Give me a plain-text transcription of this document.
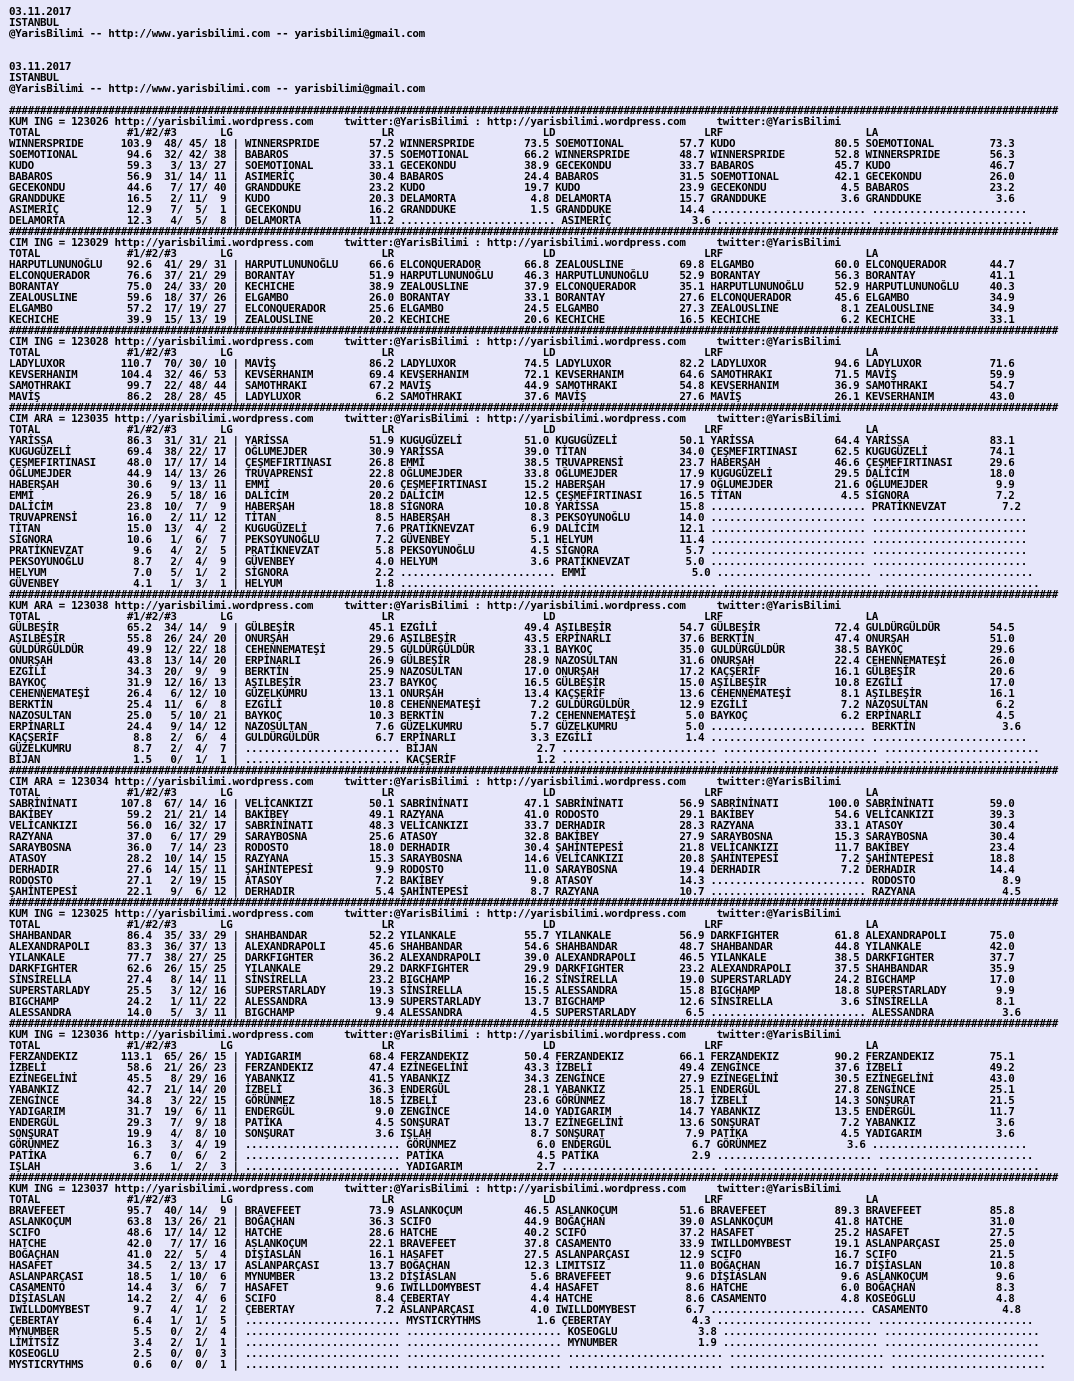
03.11.2017
ISTANBUL
@YarisBilimi -- http://www.yarisbilimi.com -- yarisbilimi@gmail.com

03.11.2017
ISTANBUL
@YarisBilimi -- http://www.yarisbilimi.com -- yarisbilimi@gmail.com

#########################################################################################################################################################################
KUM ING = 123026 http://yarisbilimi.wordpress.com     twitter:@YarisBilimi : http://yarisbilimi.wordpress.com     twitter:@YarisBilimi
TOTAL              #1/#2/#3       LG                        LR                        LD                        LRF                       LA
WINNERSPRIDE      103.9  48/ 45/ 18 | WINNERSPRIDE        57.2 WINNERSPRIDE        73.5 SOEMOTIONAL         57.7 KUDO                80.5 SOEMOTIONAL         73.3
SOEMOTIONAL        94.6  32/ 42/ 38 | BABAROS             37.5 SOEMOTIONAL         66.2 WINNERSPRIDE        48.7 WINNERSPRIDE        52.8 WINNERSPRIDE        56.3
KUDO               59.3   3/ 13/ 27 | SOEMOTIONAL         33.1 GECEKONDU           38.9 GECEKONDU           33.7 BABAROS             45.7 KUDO                46.7
BABAROS            56.9  31/ 14/ 11 | ASIMERİÇ            30.4 BABAROS             24.4 BABAROS             31.5 SOEMOTIONAL         42.1 GECEKONDU           26.0
GECEKONDU          44.6   7/ 17/ 40 | GRANDDUKE           23.2 KUDO                19.7 KUDO                23.9 GECEKONDU            4.5 BABAROS             23.2
GRANDDUKE          16.5   2/ 11/  9 | KUDO                20.3 DELAMORTA            4.8 DELAMORTA           15.7 GRANDDUKE            3.6 GRANDDUKE            3.6
ASIMERİÇ           12.9   7/  5/  1 | GECEKONDU           16.2 GRANDDUKE            1.5 GRANDDUKE           14.4 ......................... .........................
DELAMORTA          12.3   4/  5/  8 | DELAMORTA           11.2 ......................... ASIMERİÇ             3.6 ......................... .........................
#########################################################################################################################################################################
CIM ING = 123029 http://yarisbilimi.wordpress.com     twitter:@YarisBilimi : http://yarisbilimi.wordpress.com     twitter:@YarisBilimi
TOTAL              #1/#2/#3       LG                        LR                        LD                        LRF                       LA
HARPUTLUNUNOĞLU    92.6  41/ 29/ 31 | HARPUTLUNUNOĞLU     66.6 ELCONQUERADOR       66.8 ZEALOUSLINE         69.8 ELGAMBO             60.0 ELCONQUERADOR       44.7
ELCONQUERADOR      76.6  37/ 21/ 29 | BORANTAY            51.9 HARPUTLUNUNOĞLU     46.3 HARPUTLUNUNOĞLU     52.9 BORANTAY            56.3 BORANTAY            41.1
BORANTAY           75.0  24/ 33/ 20 | KECHICHE            38.9 ZEALOUSLINE         37.9 ELCONQUERADOR       35.1 HARPUTLUNUNOĞLU     52.9 HARPUTLUNUNOĞLU     40.3
ZEALOUSLINE        59.6  18/ 37/ 26 | ELGAMBO             26.0 BORANTAY            33.1 BORANTAY            27.6 ELCONQUERADOR       45.6 ELGAMBO             34.9
ELGAMBO            57.2  17/ 19/ 27 | ELCONQUERADOR       25.6 ELGAMBO             24.5 ELGAMBO             27.3 ZEALOUSLINE          8.1 ZEALOUSLINE         34.9
KECHICHE           39.9  15/ 13/ 19 | ZEALOUSLINE         20.2 KECHICHE            20.6 KECHICHE            16.5 KECHICHE             6.2 KECHICHE            33.1
#########################################################################################################################################################################
CIM ING = 123028 http://yarisbilimi.wordpress.com     twitter:@YarisBilimi : http://yarisbilimi.wordpress.com     twitter:@YarisBilimi
TOTAL              #1/#2/#3       LG                        LR                        LD                        LRF                       LA
LADYLUXOR         110.7  70/ 30/ 10 | MAVİŞ               86.2 LADYLUXOR           74.5 LADYLUXOR           82.2 LADYLUXOR           94.6 LADYLUXOR           71.6
KEVSERHANIM       104.4  32/ 46/ 53 | KEVSERHANIM         69.4 KEVSERHANIM         72.1 KEVSERHANIM         64.6 SAMOTHRAKI          71.5 MAVİŞ               59.9
SAMOTHRAKI         99.7  22/ 48/ 44 | SAMOTHRAKI          67.2 MAVİŞ               44.9 SAMOTHRAKI          54.8 KEVSERHANIM         36.9 SAMOTHRAKI          54.7
MAVİŞ              86.2  28/ 28/ 45 | LADYLUXOR            6.2 SAMOTHRAKI          37.6 MAVİŞ               27.6 MAVİŞ               26.1 KEVSERHANIM         43.0
#########################################################################################################################################################################
CIM ARA = 123035 http://yarisbilimi.wordpress.com     twitter:@YarisBilimi : http://yarisbilimi.wordpress.com     twitter:@YarisBilimi
TOTAL              #1/#2/#3       LG                        LR                        LD                        LRF                       LA
YARİSSA            86.3  31/ 31/ 21 | YARİSSA             51.9 KUGUGÜZELİ          51.0 KUGUGÜZELİ          50.1 YARİSSA             64.4 YARİSSA             83.1
KUGUGÜZELİ         69.4  38/ 22/ 17 | OĞLUMEJDER          30.9 YARİSSA             39.0 TİTAN               34.0 ÇEŞMEFIRTINASI      62.5 KUGUGÜZELİ          74.1
ÇEŞMEFIRTINASI     48.0  17/ 17/ 14 | ÇEŞMEFIRTINASI      26.8 EMMİ                38.5 TRUVAPRENSİ         23.7 HABERŞAH            46.6 ÇEŞMEFIRTINASI      29.6
OĞLUMEJDER         44.9  14/ 13/ 26 | TRUVAPRENSİ         22.8 OĞLUMEJDER          33.8 OĞLUMEJDER          17.9 KUGUGÜZELİ          29.5 DALİCİM             18.0
HABERŞAH           30.6   9/ 13/ 11 | EMMİ                20.6 ÇEŞMEFIRTINASI      15.2 HABERŞAH            17.9 OĞLUMEJDER          21.6 OĞLUMEJDER           9.9
EMMİ               26.9   5/ 18/ 16 | DALİCİM             20.2 DALİCİM             12.5 ÇEŞMEFIRTINASI      16.5 TİTAN                4.5 SİGNORA              7.2
DALİCİM            23.8  10/  7/  9 | HABERŞAH            18.8 SİGNORA             10.8 YARİSSA             15.8 ......................... PRATİKNEVZAT         7.2
TRUVAPRENSİ        16.0   2/ 11/ 12 | TİTAN                8.5 HABERŞAH             8.3 PEKSOYUNOĞLU        14.0 ......................... .........................
TİTAN              15.0  13/  4/  2 | KUGUGÜZELİ           7.6 PRATİKNEVZAT         6.9 DALİCİM             12.1 ......................... .........................
SİGNORA            10.6   1/  6/  7 | PEKSOYUNOĞLU         7.2 GÜVENBEY             5.1 HELYUM              11.4 ......................... .........................
PRATİKNEVZAT        9.6   4/  2/  5 | PRATİKNEVZAT         5.8 PEKSOYUNOĞLU         4.5 SİGNORA              5.7 ......................... .........................
PEKSOYUNOĞLU        8.7   2/  4/  9 | GÜVENBEY             4.0 HELYUM               3.6 PRATİKNEVZAT         5.0 ......................... .........................
HELYUM              7.0   5/  1/  2 | SİGNORA              2.2 ......................... EMMİ                 5.0 ......................... .........................
GÜVENBEY            4.1   1/  3/  1 | HELYUM               1.8 ......................... ......................... ......................... .........................
#########################################################################################################################################################################
KUM ARA = 123038 http://yarisbilimi.wordpress.com     twitter:@YarisBilimi : http://yarisbilimi.wordpress.com     twitter:@YarisBilimi
TOTAL              #1/#2/#3       LG                        LR                        LD                        LRF                       LA
GÜLBEŞİR           65.2  34/ 14/  9 | GÜLBEŞİR            45.1 EZGİLİ              49.4 AŞILBEŞİR           54.7 GÜLBEŞİR            72.4 GULDÜRGÜLDÜR        54.5
AŞILBEŞİR          55.8  26/ 24/ 20 | ONURŞAH             29.6 AŞILBEŞİR           43.5 ERPİNARLI           37.6 BERKTİN             47.4 ONURŞAH             51.0
GULDÜRGÜLDÜR       49.9  12/ 22/ 18 | CEHENNEMATEŞİ       29.5 GULDÜRGÜLDÜR        33.1 BAYKOÇ              35.0 GULDÜRGÜLDÜR        38.5 BAYKOÇ              29.6
ONURŞAH            43.8  13/ 14/ 20 | ERPİNARLI           26.9 GÜLBEŞİR            28.9 NAZOSULTAN          31.6 ONURŞAH             22.4 CEHENNEMATEŞİ       26.0
EZGİLİ             34.3  20/  9/  9 | BERKTİN             25.9 NAZOSULTAN          17.0 ONURŞAH             17.2 KAÇŞERİF            16.1 GÜLBEŞİR            20.6
BAYKOÇ             31.9  12/ 16/ 13 | AŞILBEŞİR           23.7 BAYKOÇ              16.5 GÜLBEŞİR            15.0 AŞILBEŞİR           10.8 EZGİLİ              17.0
CEHENNEMATEŞİ      26.4   6/ 12/ 10 | GÜZELKUMRU          13.1 ONURŞAH             13.4 KAÇŞERİF            13.6 CEHENNEMATEŞİ        8.1 AŞILBEŞİR           16.1
BERKTİN            25.4  11/  6/  8 | EZGİLİ              10.8 CEHENNEMATEŞİ        7.2 GULDÜRGÜLDÜR        12.9 EZGİLİ               7.2 NAZOSULTAN           6.2
NAZOSULTAN         25.0   5/ 10/ 21 | BAYKOÇ              10.3 BERKTİN              7.2 CEHENNEMATEŞİ        5.0 BAYKOÇ               6.2 ERPİNARLI            4.5
ERPİNARLI          24.4   9/ 14/ 12 | NAZOSULTAN           7.6 GÜZELKUMRU           5.7 GÜZELKUMRU           5.0 ......................... BERKTİN              3.6
KAÇŞERİF            8.8   2/  6/  4 | GULDÜRGÜLDÜR         6.7 ERPİNARLI            3.3 EZGİLİ               1.4 ......................... .........................
GÜZELKUMRU          8.7   2/  4/  7 | ......................... BİJAN                2.7 ......................... ......................... .........................
BİJAN               1.5   0/  1/  1 | ......................... KAÇŞERİF             1.2 ......................... ......................... .........................
#########################################################################################################################################################################
CIM ARA = 123034 http://yarisbilimi.wordpress.com     twitter:@YarisBilimi : http://yarisbilimi.wordpress.com     twitter:@YarisBilimi
TOTAL              #1/#2/#3       LG                        LR                        LD                        LRF                       LA
SABRİNİNATI       107.8  67/ 14/ 16 | VELİCANKIZI         50.1 SABRİNİNATI         47.1 SABRİNİNATI         56.9 SABRİNİNATI        100.0 SABRİNİNATI         59.0
BAKİBEY            59.2  21/ 21/ 14 | BAKİBEY             49.1 RAZYANA             41.0 RODOSTO             29.1 BAKİBEY             54.6 VELİCANKIZI         39.3
VELİCANKIZI        56.0  16/ 32/ 17 | SABRİNİNATI         48.3 VELİCANKIZI         33.7 DERHADIR            28.3 RAZYANA             33.1 ATASOY              30.4
RAZYANA            37.0   6/ 17/ 29 | SARAYBOSNA          25.6 ATASOY              32.8 BAKİBEY             27.9 SARAYBOSNA          15.3 SARAYBOSNA          30.4
SARAYBOSNA         36.0   7/ 14/ 23 | RODOSTO             18.0 DERHADIR            30.4 ŞAHİNTEPESİ         21.8 VELİCANKIZI         11.7 BAKİBEY             23.4
ATASOY             28.2  10/ 14/ 15 | RAZYANA             15.3 SARAYBOSNA          14.6 VELİCANKIZI         20.8 ŞAHİNTEPESİ          7.2 ŞAHİNTEPESİ         18.8
DERHADIR           27.6  14/ 15/ 11 | ŞAHİNTEPESİ          9.9 RODOSTO             11.0 SARAYBOSNA          19.4 DERHADIR             7.2 DERHADIR            14.4
RODOSTO            27.1   2/ 19/ 15 | ATASOY               7.2 BAKİBEY              9.8 ATASOY              14.3 ......................... RODOSTO              8.9
ŞAHİNTEPESİ        22.1   9/  6/ 12 | DERHADIR             5.4 ŞAHİNTEPESİ          8.7 RAZYANA             10.7 ......................... RAZYANA              4.5
#########################################################################################################################################################################
KUM ING = 123025 http://yarisbilimi.wordpress.com     twitter:@YarisBilimi : http://yarisbilimi.wordpress.com     twitter:@YarisBilimi
TOTAL              #1/#2/#3       LG                        LR                        LD                        LRF                       LA
SHAHBANDAR         86.4  35/ 33/ 29 | SHAHBANDAR          52.2 YILANKALE           55.7 YILANKALE           56.9 DARKFIGHTER         61.8 ALEXANDRAPOLI       75.0
ALEXANDRAPOLI      83.3  36/ 37/ 13 | ALEXANDRAPOLI       45.6 SHAHBANDAR          54.6 SHAHBANDAR          48.7 SHAHBANDAR          44.8 YILANKALE           42.0
YILANKALE          77.7  38/ 27/ 25 | DARKFIGHTER         36.2 ALEXANDRAPOLI       39.0 ALEXANDRAPOLI       46.5 YILANKALE           38.5 DARKFIGHTER         37.7
DARKFIGHTER        62.6  26/ 15/ 25 | YILANKALE           29.2 DARKFIGHTER         29.9 DARKFIGHTER         23.2 ALEXANDRAPOLI       37.5 SHAHBANDAR          35.9
SİNSİRELLA         27.4   8/ 14/ 11 | SİNSİRELLA          23.2 BIGCHAMP            16.2 SİNSİRELLA          19.0 SUPERSTARLADY       24.2 BIGCHAMP            17.0
SUPERSTARLADY      25.5   3/ 12/ 16 | SUPERSTARLADY       19.3 SİNSİRELLA          15.5 ALESSANDRA          15.8 BIGCHAMP            18.8 SUPERSTARLADY        9.9
BIGCHAMP           24.2   1/ 11/ 22 | ALESSANDRA          13.9 SUPERSTARLADY       13.7 BIGCHAMP            12.6 SİNSİRELLA           3.6 SİNSİRELLA           8.1
ALESSANDRA         14.0   5/  3/ 11 | BIGCHAMP             9.4 ALESSANDRA           4.5 SUPERSTARLADY        6.5 ......................... ALESSANDRA           3.6
#########################################################################################################################################################################
KUM ING = 123036 http://yarisbilimi.wordpress.com     twitter:@YarisBilimi : http://yarisbilimi.wordpress.com     twitter:@YarisBilimi
TOTAL              #1/#2/#3       LG                        LR                        LD                        LRF                       LA
FERZANDEKIZ       113.1  65/ 26/ 15 | YADIGARIM           68.4 FERZANDEKIZ         50.4 FERZANDEKIZ         66.1 FERZANDEKIZ         90.2 FERZANDEKIZ         75.1
İZBELİ             58.6  21/ 26/ 23 | FERZANDEKIZ         47.4 EZİNEGELİNİ         43.3 İZBELİ              49.4 ZENGİNCE            37.6 İZBELİ              49.2
EZİNEGELİNİ        45.5   8/ 29/ 16 | YABANKIZ            41.5 YABANKIZ            34.3 ZENGİNCE            27.9 EZİNEGELİNİ         30.5 EZİNEGELİNİ         43.0
YABANKIZ           42.7  21/ 14/ 20 | İZBELİ              36.3 ENDERGÜL            28.1 YABANKIZ            25.1 ENDERGÜL            27.8 ZENGİNCE            25.1
ZENGİNCE           34.8   3/ 22/ 15 | GÖRÜNMEZ            18.5 İZBELİ              23.6 GÖRÜNMEZ            18.7 İZBELİ              14.3 SONŞURAT            21.5
YADIGARIM          31.7  19/  6/ 11 | ENDERGÜL             9.0 ZENGİNCE            14.0 YADIGARIM           14.7 YABANKIZ            13.5 ENDERGÜL            11.7
ENDERGÜL           29.3   7/  9/ 18 | PATİKA               4.5 SONŞURAT            13.7 EZİNEGELİNİ         13.6 SONŞURAT             7.2 YABANKIZ             3.6
SONŞURAT           19.9   4/  8/ 10 | SONŞURAT             3.6 IŞLAH                8.7 SONŞURAT             7.9 PATİKA               4.5 YADIGARIM            3.6
GÖRÜNMEZ           16.3   3/  4/ 19 | ......................... GÖRÜNMEZ             6.0 ENDERGÜL             6.7 GÖRÜNMEZ             3.6 .........................
PATİKA              6.7   0/  6/  2 | ......................... PATİKA               4.5 PATİKA               2.9 ......................... .........................
IŞLAH               3.6   1/  2/  3 | ......................... YADIGARIM            2.7 ......................... ......................... .........................
#########################################################################################################################################################################
KUM ING = 123037 http://yarisbilimi.wordpress.com     twitter:@YarisBilimi : http://yarisbilimi.wordpress.com     twitter:@YarisBilimi
TOTAL              #1/#2/#3       LG                        LR                        LD                        LRF                       LA
BRAVEFEET          95.7  40/ 14/  9 | BRAVEFEET           73.9 ASLANKOÇUM          46.5 ASLANKOÇUM          51.6 BRAVEFEET           89.3 BRAVEFEET           85.8
ASLANKOÇUM         63.8  13/ 26/ 21 | BOĞAÇHAN            36.3 SCIFO               44.9 BOĞAÇHAN            39.0 ASLANKOÇUM          41.8 HATCHE              31.0
SCIFO              48.6  17/ 14/ 12 | HATCHE              28.6 HATCHE              40.2 SCIFO               37.2 HASAFET             25.2 HASAFET             27.5
HATCHE             42.0   7/ 17/ 16 | ASLANKOÇUM          22.1 BRAVEFEET           37.8 CASAMENTO           33.9 IWILLDOMYBEST       19.1 ASLANPARÇASI        25.0
BOĞAÇHAN           41.0  22/  5/  4 | DİŞİASLAN           16.1 HASAFET             27.5 ASLANPARÇASI        12.9 SCIFO               16.7 SCIFO               21.5
HASAFET            34.5   2/ 13/ 17 | ASLANPARÇASI        13.7 BOĞAÇHAN            12.3 LIMITSIZ            11.0 BOĞAÇHAN            16.7 DİŞİASLAN           10.8
ASLANPARÇASI       18.5   1/ 10/  6 | MYNUMBER            13.2 DİŞİASLAN            5.6 BRAVEFEET            9.6 DİŞİASLAN            9.6 ASLANKOÇUM           9.6
CASAMENTO          14.4   3/  6/  7 | HASAFET              9.6 IWILLDOMYBEST        4.4 HASAFET              8.6 HATCHE               6.0 BOĞAÇHAN             8.3
DİŞİASLAN          14.2   2/  4/  6 | SCIFO                8.4 ÇEBERTAY             4.4 HATCHE               8.6 CASAMENTO            4.8 KOSEOGLU             4.8
IWILLDOMYBEST       9.7   4/  1/  2 | ÇEBERTAY             7.2 ASLANPARÇASI         4.0 IWILLDOMYBEST        6.7 ......................... CASAMENTO            4.8
ÇEBERTAY            6.4   1/  1/  5 | ......................... MYSTICRYTHMS         1.6 ÇEBERTAY             4.3 ......................... .........................
MYNUMBER            5.5   0/  2/  4 | ......................... ......................... KOSEOGLU             3.8 ......................... .........................
LİMİTSİZ            3.4   2/  1/  1 | ......................... ......................... MYNUMBER             1.9 ......................... .........................
KOSEOGLU            2.5   0/  0/  3 | ......................... ......................... ......................... ......................... .........................
MYSTICRYTHMS        0.6   0/  0/  1 | ......................... ......................... ......................... ......................... .........................
